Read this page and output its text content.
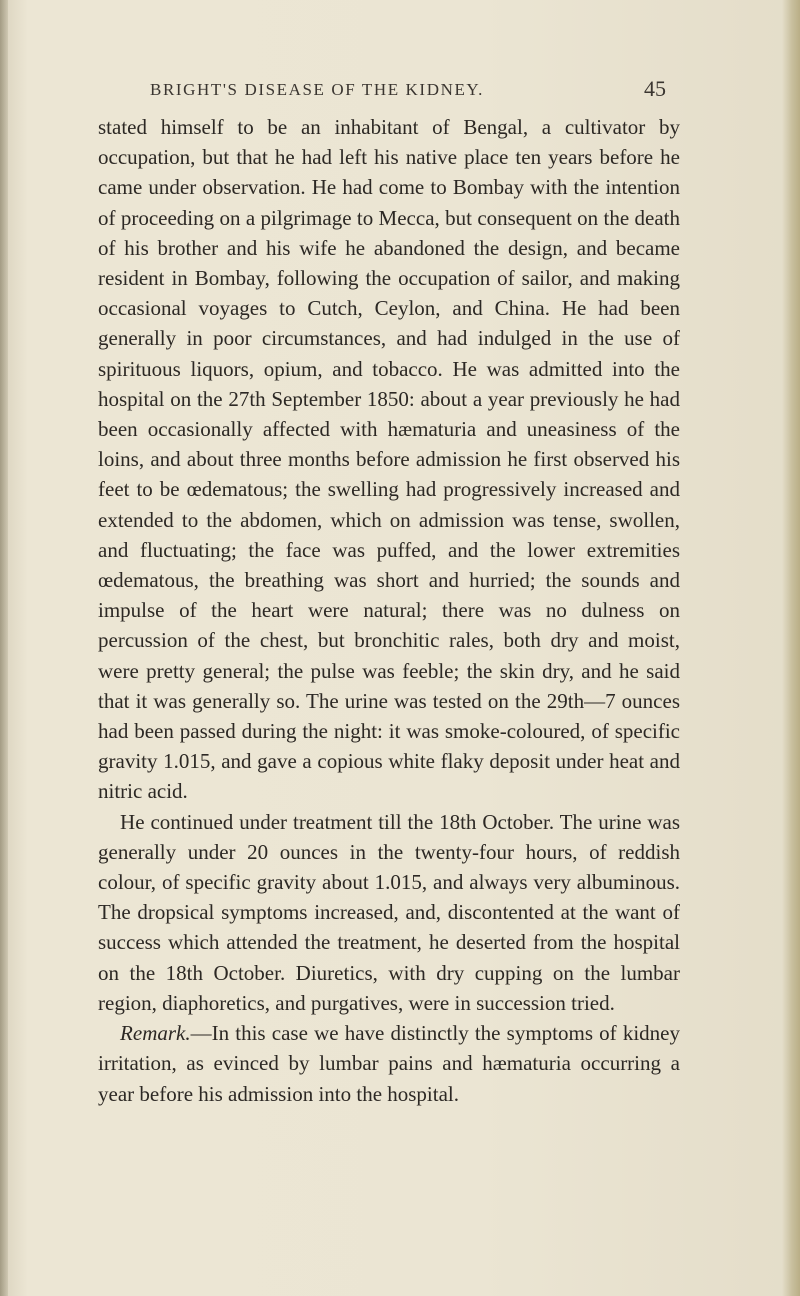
BRIGHT'S DISEASE OF THE KIDNEY.	45

stated himself to be an inhabitant of Bengal, a cultivator by occupation, but that he had left his native place ten years before he came under observation. He had come to Bombay with the intention of proceeding on a pilgrimage to Mecca, but consequent on the death of his brother and his wife he abandoned the design, and became resident in Bombay, following the occupation of sailor, and making occasional voyages to Cutch, Ceylon, and China. He had been generally in poor circumstances, and had indulged in the use of spirituous liquors, opium, and tobacco. He was admitted into the hospital on the 27th September 1850: about a year previously he had been occasionally affected with hæmaturia and uneasiness of the loins, and about three months before admission he first observed his feet to be œdematous; the swelling had progressively increased and extended to the abdomen, which on admission was tense, swollen, and fluctuating; the face was puffed, and the lower extremities œdematous, the breathing was short and hurried; the sounds and impulse of the heart were natural; there was no dulness on percussion of the chest, but bronchitic rales, both dry and moist, were pretty general; the pulse was feeble; the skin dry, and he said that it was generally so. The urine was tested on the 29th—7 ounces had been passed during the night: it was smoke-coloured, of specific gravity 1.015, and gave a copious white flaky deposit under heat and nitric acid.

He continued under treatment till the 18th October. The urine was generally under 20 ounces in the twenty-four hours, of reddish colour, of specific gravity about 1.015, and always very albuminous. The dropsical symptoms increased, and, discontented at the want of success which attended the treatment, he deserted from the hospital on the 18th October. Diuretics, with dry cupping on the lumbar region, diaphoretics, and purgatives, were in succession tried.

Remark.—In this case we have distinctly the symptoms of kidney irritation, as evinced by lumbar pains and hæmaturia occurring a year before his admission into the hospital.
